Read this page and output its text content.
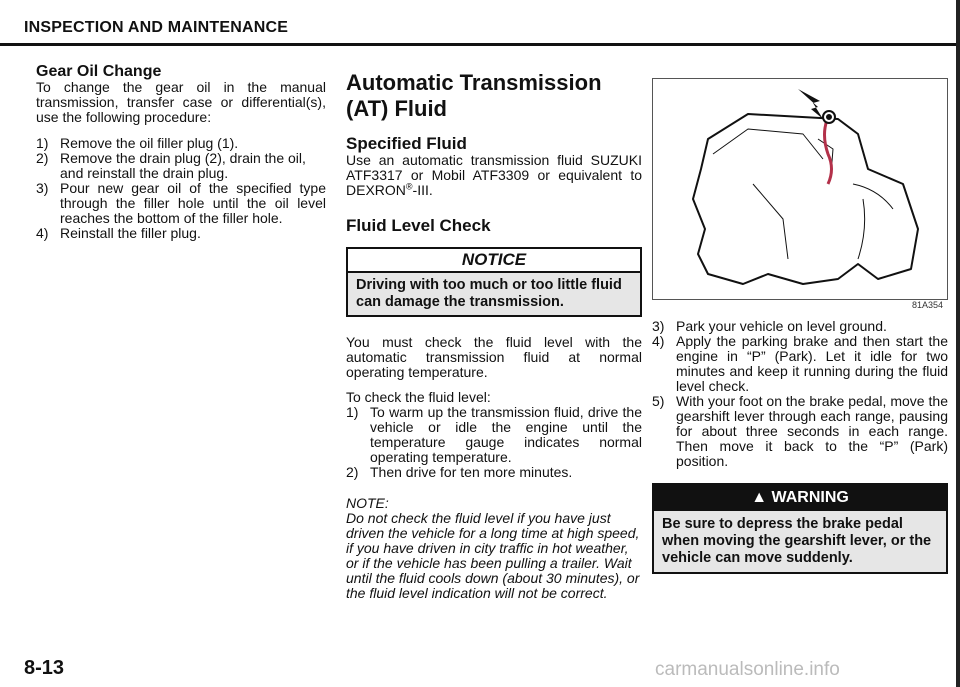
INSPECTION AND MAINTENANCE
Gear Oil Change

To change the gear oil in the manual transmission, transfer case or differential(s), use the following procedure:

1) Remove the oil filler plug (1).
2) Remove the drain plug (2), drain the oil, and reinstall the drain plug.
3) Pour new gear oil of the specified type through the filler hole until the oil level reaches the bottom of the filler hole.
4) Reinstall the filler plug.
Automatic Transmission (AT) Fluid
Specified Fluid

Use an automatic transmission fluid SUZUKI ATF3317 or Mobil ATF3309 or equivalent to DEXRON®-III.

Fluid Level Check
NOTICE
Driving with too much or too little fluid can damage the transmission.

You must check the fluid level with the automatic transmission fluid at normal operating temperature.

To check the fluid level:

1) To warm up the transmission fluid, drive the vehicle or idle the engine until the temperature gauge indicates normal operating temperature.
2) Then drive for ten more minutes.

NOTE:

Do not check the fluid level if you have just driven the vehicle for a long time at high speed, if you have driven in city traffic in hot weather, or if the vehicle has been pulling a trailer. Wait until the fluid cools down (about 30 minutes), or the fluid level indication will not be correct.

81A354
3) Park your vehicle on level ground.
4) Apply the parking brake and then start the engine in “P” (Park). Let it idle for two minutes and keep it running during the fluid level check.
5) With your foot on the brake pedal, move the gearshift lever through each range, pausing for about three seconds in each range. Then move it back to the “P” (Park) position.
▲ WARNING
Be sure to depress the brake pedal when moving the gearshift lever, or the vehicle can move suddenly.
8-13	carmanualsonline.info
